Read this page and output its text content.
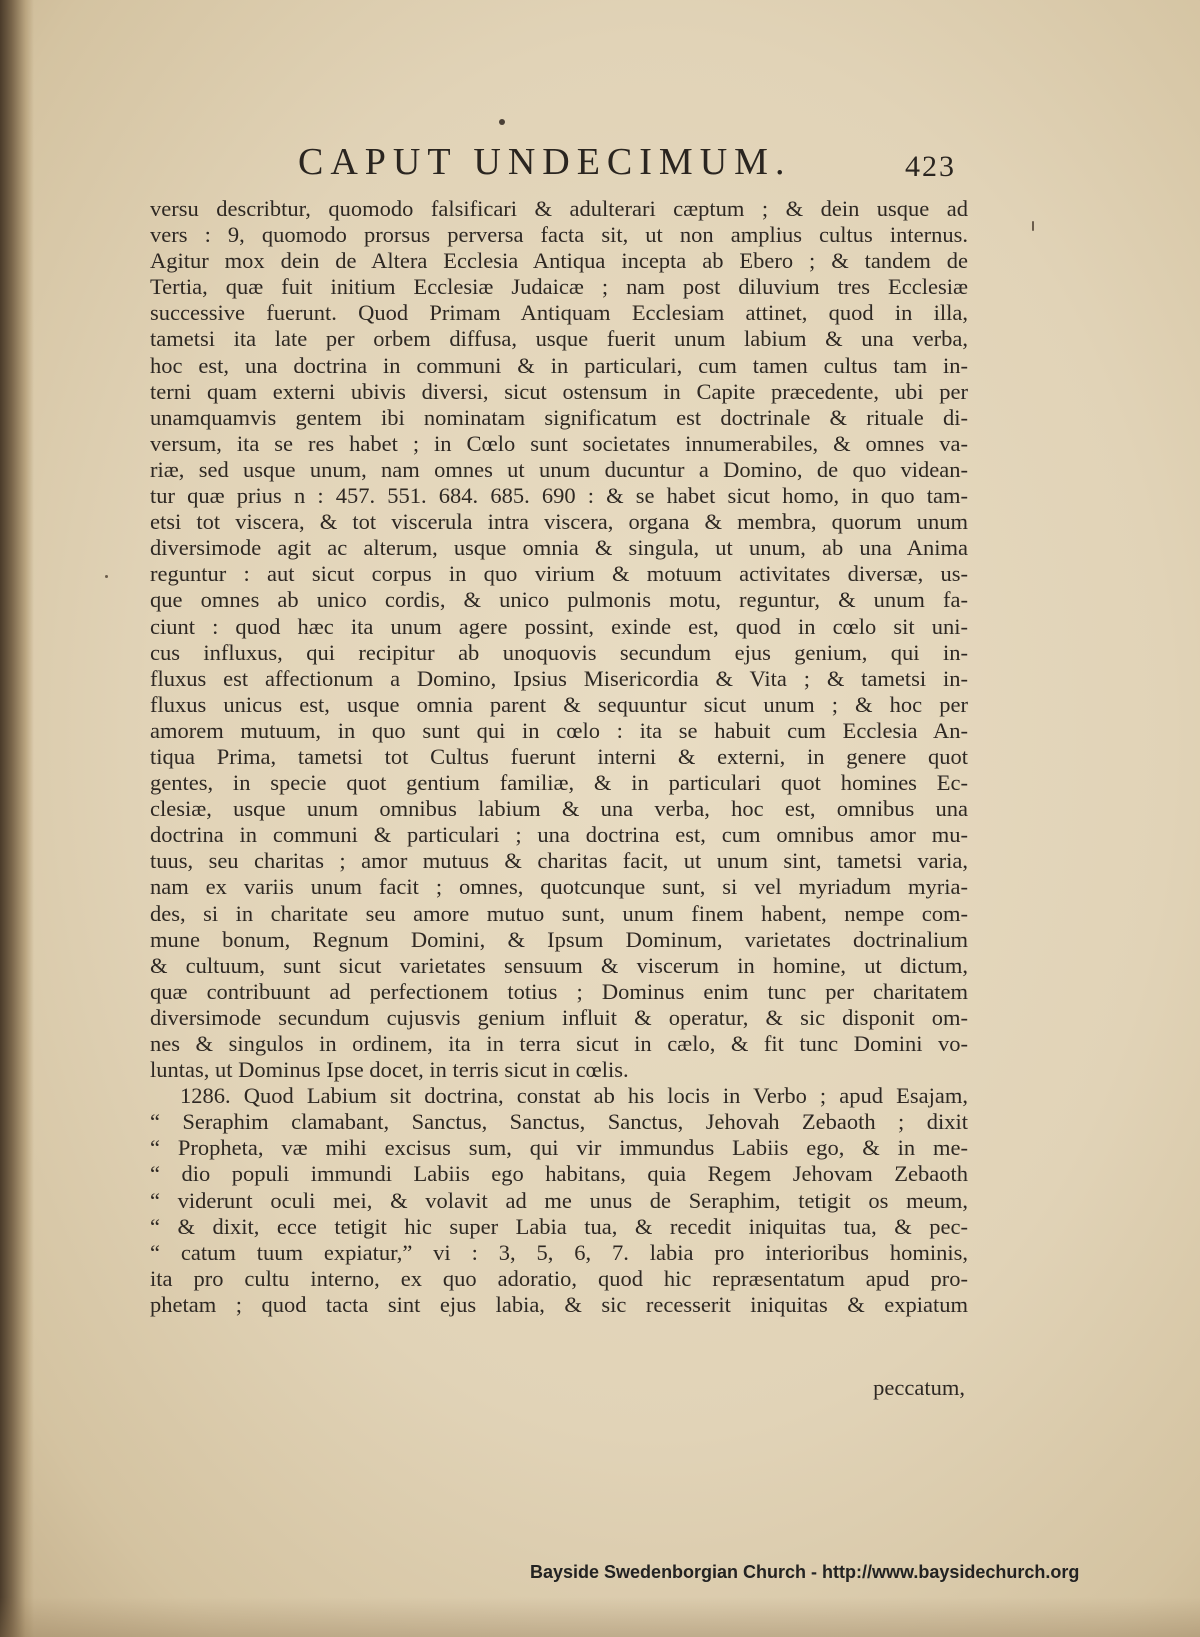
CAPUT UNDECIMUM.	423
versu describtur, quomodo falsificari & adulterari cæptum ; & dein usque ad
vers : 9, quomodo prorsus perversa facta sit, ut non amplius cultus internus.
Agitur mox dein de Altera Ecclesia Antiqua incepta ab Ebero ; & tandem de
Tertia, quæ fuit initium Ecclesiæ Judaicæ ; nam post diluvium tres Ecclesiæ
successive fuerunt. Quod Primam Antiquam Ecclesiam attinet, quod in illa,
tametsi ita late per orbem diffusa, usque fuerit unum labium & una verba,
hoc est, una doctrina in communi & in particulari, cum tamen cultus tam in-
terni quam externi ubivis diversi, sicut ostensum in Capite præcedente, ubi per
unamquamvis gentem ibi nominatam significatum est doctrinale & rituale di-
versum, ita se res habet ; in Cœlo sunt societates innumerabiles, & omnes va-
riæ, sed usque unum, nam omnes ut unum ducuntur a Domino, de quo videan-
tur quæ prius n : 457. 551. 684. 685. 690 : & se habet sicut homo, in quo tam-
etsi tot viscera, & tot viscerula intra viscera, organa & membra, quorum unum
diversimode agit ac alterum, usque omnia & singula, ut unum, ab una Anima
reguntur : aut sicut corpus in quo virium & motuum activitates diversæ, us-
que omnes ab unico cordis, & unico pulmonis motu, reguntur, & unum fa-
ciunt : quod hæc ita unum agere possint, exinde est, quod in cœlo sit uni-
cus influxus, qui recipitur ab unoquovis secundum ejus genium, qui in-
fluxus est affectionum a Domino, Ipsius Misericordia & Vita ; & tametsi in-
fluxus unicus est, usque omnia parent & sequuntur sicut unum ; & hoc per
amorem mutuum, in quo sunt qui in cœlo : ita se habuit cum Ecclesia An-
tiqua Prima, tametsi tot Cultus fuerunt interni & externi, in genere quot
gentes, in specie quot gentium familiæ, & in particulari quot homines Ec-
clesiæ, usque unum omnibus labium & una verba, hoc est, omnibus una
doctrina in communi & particulari ; una doctrina est, cum omnibus amor mu-
tuus, seu charitas ; amor mutuus & charitas facit, ut unum sint, tametsi varia,
nam ex variis unum facit ; omnes, quotcunque sunt, si vel myriadum myria-
des, si in charitate seu amore mutuo sunt, unum finem habent, nempe com-
mune bonum, Regnum Domini, & Ipsum Dominum, varietates doctrinalium
& cultuum, sunt sicut varietates sensuum & viscerum in homine, ut dictum,
quæ contribuunt ad perfectionem totius ; Dominus enim tunc per charitatem
diversimode secundum cujusvis genium influit & operatur, & sic disponit om-
nes & singulos in ordinem, ita in terra sicut in cælo, & fit tunc Domini vo-
luntas, ut Dominus Ipse docet, in terris sicut in cœlis.
1286. Quod Labium sit doctrina, constat ab his locis in Verbo ; apud Esajam,
“ Seraphim clamabant, Sanctus, Sanctus, Sanctus, Jehovah Zebaoth ; dixit
“ Propheta, væ mihi excisus sum, qui vir immundus Labiis ego, & in me-
“ dio populi immundi Labiis ego habitans, quia Regem Jehovam Zebaoth
“ viderunt oculi mei, & volavit ad me unus de Seraphim, tetigit os meum,
“ & dixit, ecce tetigit hic super Labia tua, & recedit iniquitas tua, & pec-
“ catum tuum expiatur,” vi : 3, 5, 6, 7. labia pro interioribus hominis,
ita pro cultu interno, ex quo adoratio, quod hic repræsentatum apud pro-
phetam ; quod tacta sint ejus labia, & sic recesserit iniquitas & expiatum
peccatum,
Bayside Swedenborgian Church - http://www.baysidechurch.org
